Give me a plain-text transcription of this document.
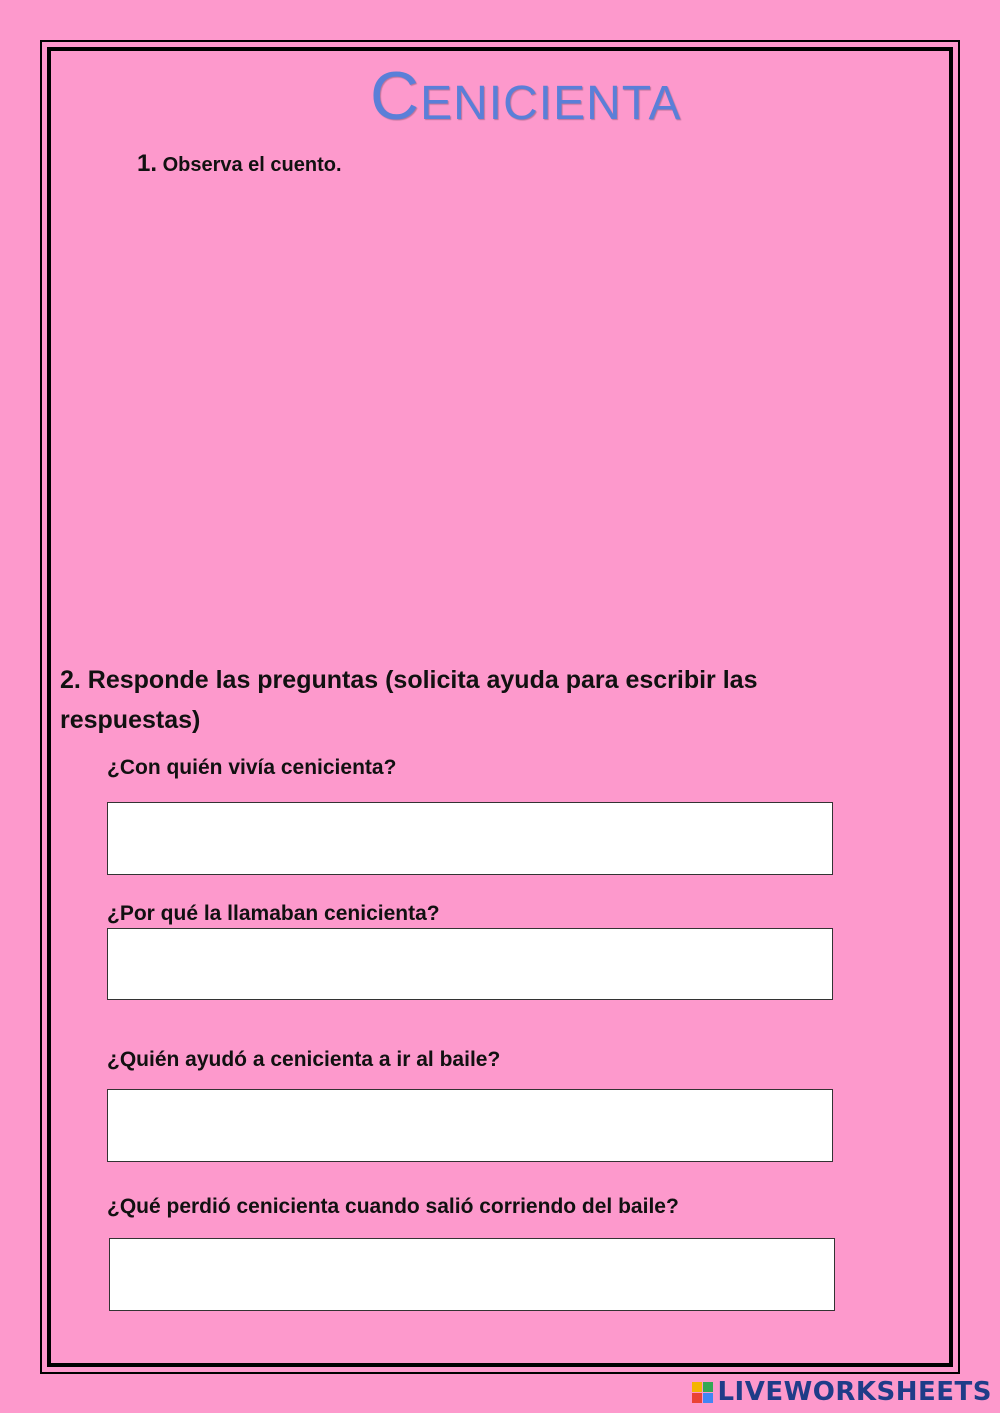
Cenicienta
1. Observa el cuento.
2. Responde las preguntas (solicita ayuda para escribir las respuestas)
¿Con quién vivía cenicienta?
¿Por qué la llamaban cenicienta?
¿Quién ayudó a cenicienta a ir al baile?
¿Qué perdió cenicienta cuando salió corriendo del baile?
LIVEWORKSHEETS
